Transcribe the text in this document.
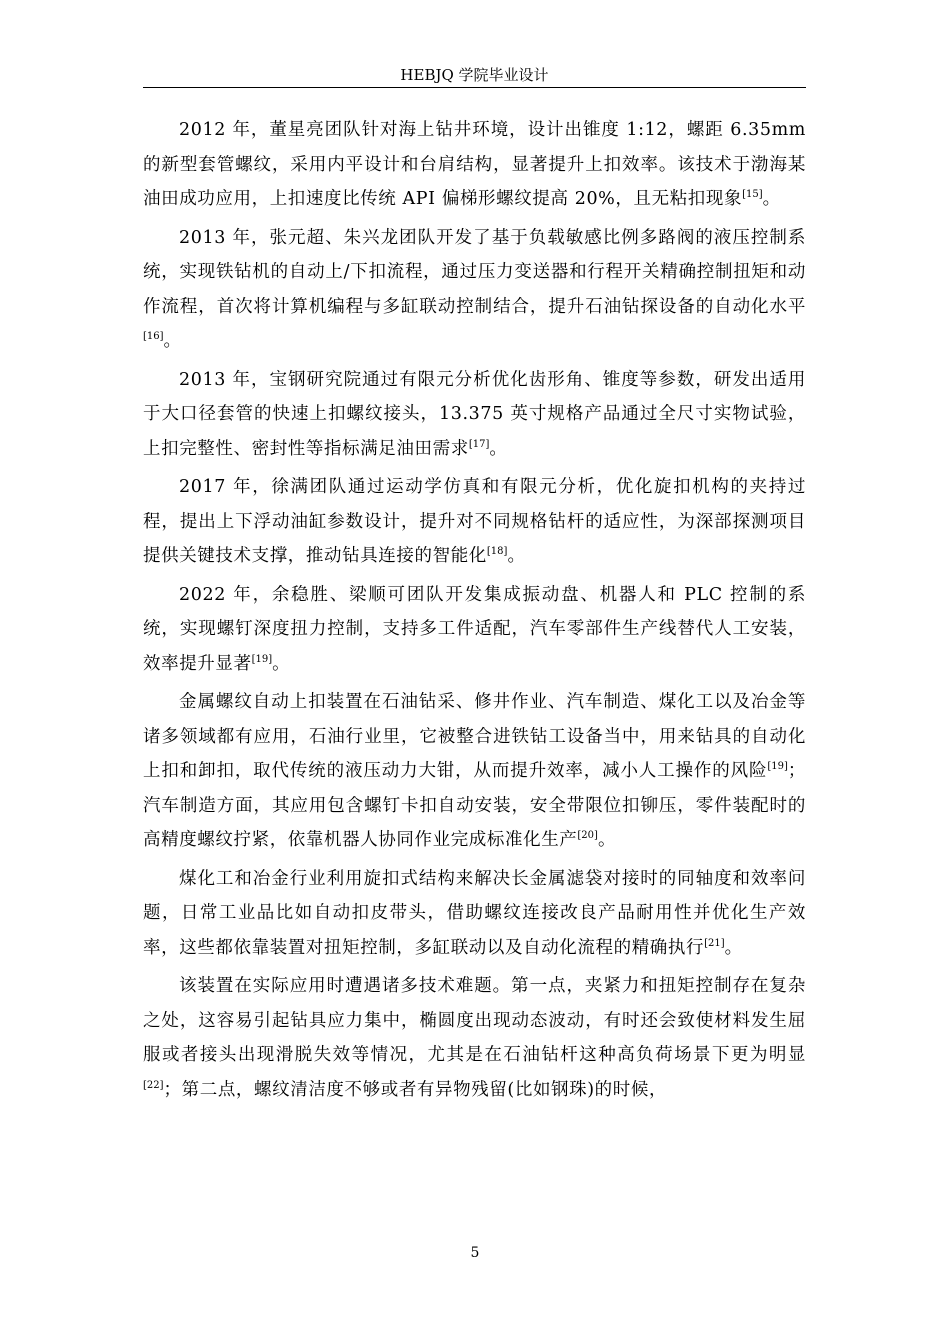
HEBJQ 学院毕业设计

2012 年，董星亮团队针对海上钻井环境，设计出锥度 1:12，螺距 6.35mm 的新型套管螺纹，采用内平设计和台肩结构，显著提升上扣效率。该技术于渤海某油田成功应用，上扣速度比传统 API 偏梯形螺纹提高 20%，且无粘扣现象[15]。

2013 年，张元超、朱兴龙团队开发了基于负载敏感比例多路阀的液压控制系统，实现铁钻机的自动上/下扣流程，通过压力变送器和行程开关精确控制扭矩和动作流程，首次将计算机编程与多缸联动控制结合，提升石油钻探设备的自动化水平[16]。

2013 年，宝钢研究院通过有限元分析优化齿形角、锥度等参数，研发出适用于大口径套管的快速上扣螺纹接头，13.375 英寸规格产品通过全尺寸实物试验，上扣完整性、密封性等指标满足油田需求[17]。

2017 年，徐满团队通过运动学仿真和有限元分析，优化旋扣机构的夹持过程，提出上下浮动油缸参数设计，提升对不同规格钻杆的适应性，为深部探测项目提供关键技术支撑，推动钻具连接的智能化[18]。

2022 年，余稳胜、梁顺可团队开发集成振动盘、机器人和 PLC 控制的系统，实现螺钉深度扭力控制，支持多工件适配，汽车零部件生产线替代人工安装，效率提升显著[19]。

金属螺纹自动上扣装置在石油钻采、修井作业、汽车制造、煤化工以及冶金等诸多领域都有应用，石油行业里，它被整合进铁钻工设备当中，用来钻具的自动化上扣和卸扣，取代传统的液压动力大钳，从而提升效率，减小人工操作的风险[19]；汽车制造方面，其应用包含螺钉卡扣自动安装，安全带限位扣铆压，零件装配时的高精度螺纹拧紧，依靠机器人协同作业完成标准化生产[20]。

煤化工和冶金行业利用旋扣式结构来解决长金属滤袋对接时的同轴度和效率问题，日常工业品比如自动扣皮带头，借助螺纹连接改良产品耐用性并优化生产效率，这些都依靠装置对扭矩控制，多缸联动以及自动化流程的精确执行[21]。

该装置在实际应用时遭遇诸多技术难题。第一点，夹紧力和扭矩控制存在复杂之处，这容易引起钻具应力集中，椭圆度出现动态波动，有时还会致使材料发生屈服或者接头出现滑脱失效等情况，尤其是在石油钻杆这种高负荷场景下更为明显[22]；第二点，螺纹清洁度不够或者有异物残留(比如钢珠)的时候，

5
